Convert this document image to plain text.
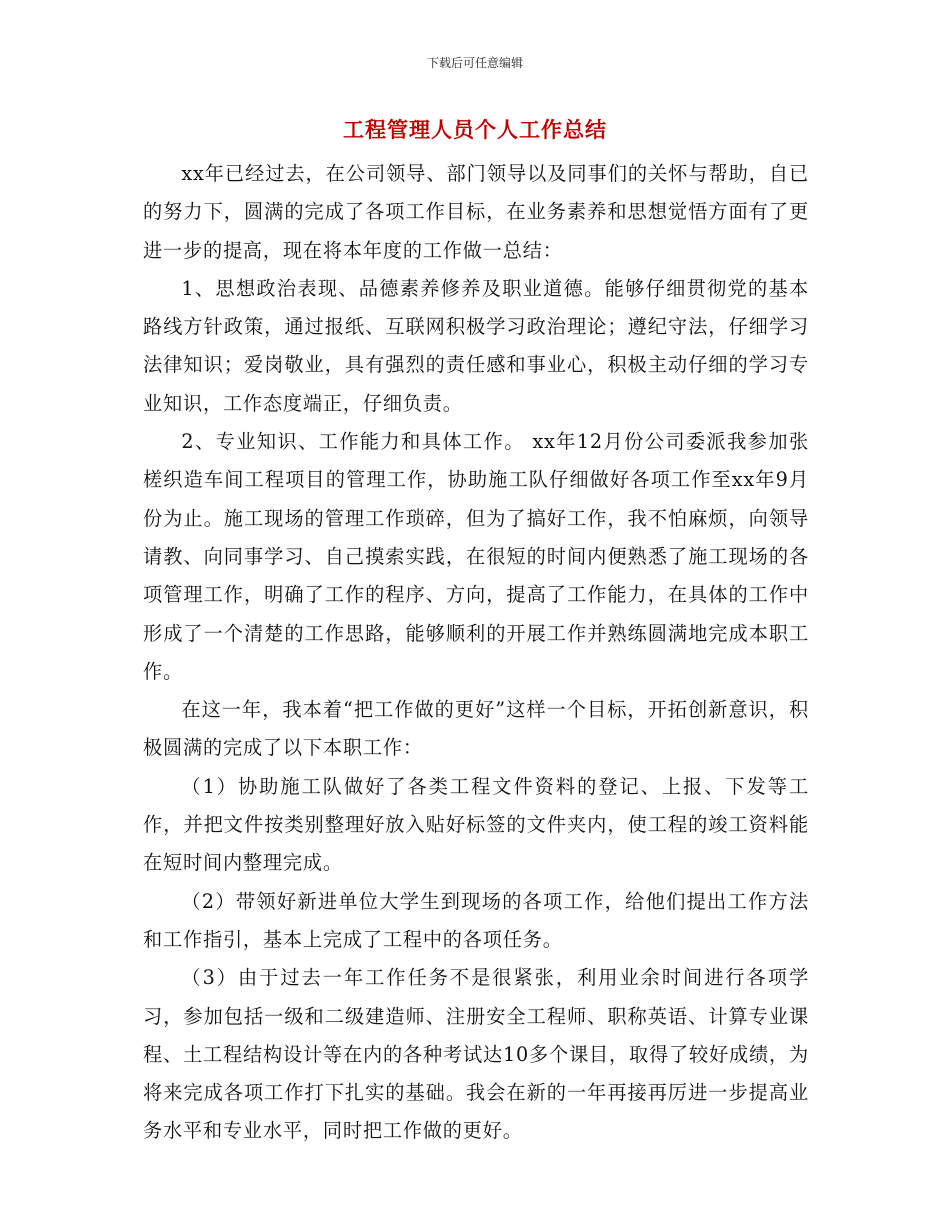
下载后可任意编辑
工程管理人员个人工作总结

xx年已经过去，在公司领导、部门领导以及同事们的关怀与帮助，自已的努力下，圆满的完成了各项工作目标，在业务素养和思想觉悟方面有了更进一步的提高，现在将本年度的工作做一总结：

1、思想政治表现、品德素养修养及职业道德。能够仔细贯彻党的基本路线方针政策，通过报纸、互联网积极学习政治理论；遵纪守法，仔细学习法律知识；爱岗敬业，具有强烈的责任感和事业心，积极主动仔细的学习专业知识，工作态度端正，仔细负责。

2、专业知识、工作能力和具体工作。 xx年12月份公司委派我参加张槎织造车间工程项目的管理工作，协助施工队仔细做好各项工作至xx年9月份为止。施工现场的管理工作琐碎，但为了搞好工作，我不怕麻烦，向领导请教、向同事学习、自己摸索实践，在很短的时间内便熟悉了施工现场的各项管理工作，明确了工作的程序、方向，提高了工作能力，在具体的工作中形成了一个清楚的工作思路，能够顺利的开展工作并熟练圆满地完成本职工作。

在这一年，我本着“把工作做的更好”这样一个目标，开拓创新意识，积极圆满的完成了以下本职工作：

（1）协助施工队做好了各类工程文件资料的登记、上报、下发等工作，并把文件按类别整理好放入贴好标签的文件夹内，使工程的竣工资料能在短时间内整理完成。

（2）带领好新进单位大学生到现场的各项工作，给他们提出工作方法和工作指引，基本上完成了工程中的各项任务。

（3）由于过去一年工作任务不是很紧张，利用业余时间进行各项学习，参加包括一级和二级建造师、注册安全工程师、职称英语、计算专业课程、土工程结构设计等在内的各种考试达10多个课目，取得了较好成绩，为将来完成各项工作打下扎实的基础。我会在新的一年再接再厉进一步提高业务水平和专业水平，同时把工作做的更好。
